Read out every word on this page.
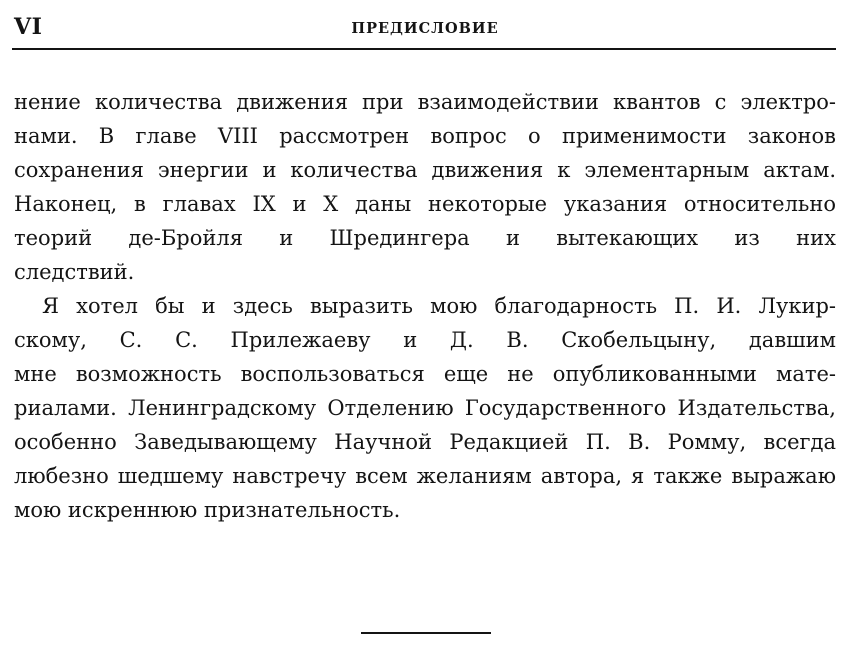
VI	ПРЕДИСЛОВИЕ
нение количества движения при взаимодействии квантов с электро-
нами. В главе VIII рассмотрен вопрос о применимости законов
сохранения энергии и количества движения к элементарным актам.
Наконец, в главах IX и X даны некоторые указания относительно
теорий де-Бройля и Шредингера и вытекающих из них
следствий.
Я хотел бы и здесь выразить мою благодарность П. И. Лукир-
скому, С. С. Прилежаеву и Д. В. Скобельцыну, давшим
мне возможность воспользоваться еще не опубликованными мате-
риалами. Ленинградскому Отделению Государственного Издательства,
особенно Заведывающему Научной Редакцией П. В. Ромму, всегда
любезно шедшему навстречу всем желаниям автора, я также выражаю
мою искреннюю признательность.
